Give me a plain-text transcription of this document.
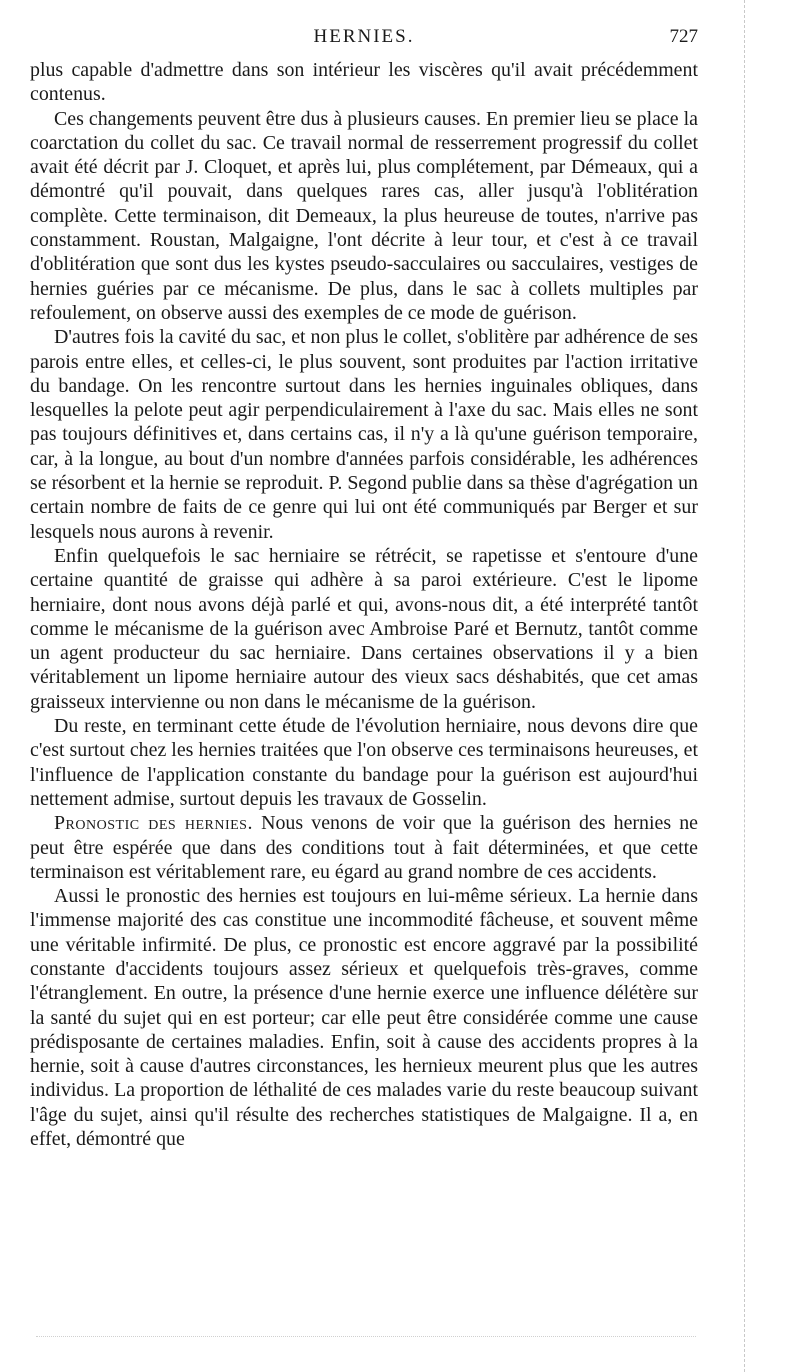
HERNIES.	727

plus capable d'admettre dans son intérieur les viscères qu'il avait précédemment contenus.

Ces changements peuvent être dus à plusieurs causes. En premier lieu se place la coarctation du collet du sac. Ce travail normal de resserrement progressif du collet avait été décrit par J. Cloquet, et après lui, plus complétement, par Démeaux, qui a démontré qu'il pouvait, dans quelques rares cas, aller jusqu'à l'oblitération complète. Cette terminaison, dit Demeaux, la plus heureuse de toutes, n'arrive pas constamment. Roustan, Malgaigne, l'ont décrite à leur tour, et c'est à ce travail d'oblitération que sont dus les kystes pseudo-sacculaires ou sacculaires, vestiges de hernies guéries par ce mécanisme. De plus, dans le sac à collets multiples par refoulement, on observe aussi des exemples de ce mode de guérison.

D'autres fois la cavité du sac, et non plus le collet, s'oblitère par adhérence de ses parois entre elles, et celles-ci, le plus souvent, sont produites par l'action irritative du bandage. On les rencontre surtout dans les hernies inguinales obliques, dans lesquelles la pelote peut agir perpendiculairement à l'axe du sac. Mais elles ne sont pas toujours définitives et, dans certains cas, il n'y a là qu'une guérison temporaire, car, à la longue, au bout d'un nombre d'années parfois considérable, les adhérences se résorbent et la hernie se reproduit. P. Segond publie dans sa thèse d'agrégation un certain nombre de faits de ce genre qui lui ont été communiqués par Berger et sur lesquels nous aurons à revenir.

Enfin quelquefois le sac herniaire se rétrécit, se rapetisse et s'entoure d'une certaine quantité de graisse qui adhère à sa paroi extérieure. C'est le lipome herniaire, dont nous avons déjà parlé et qui, avons-nous dit, a été interprété tantôt comme le mécanisme de la guérison avec Ambroise Paré et Bernutz, tantôt comme un agent producteur du sac herniaire. Dans certaines observations il y a bien véritablement un lipome herniaire autour des vieux sacs déshabités, que cet amas graisseux intervienne ou non dans le mécanisme de la guérison.

Du reste, en terminant cette étude de l'évolution herniaire, nous devons dire que c'est surtout chez les hernies traitées que l'on observe ces terminaisons heureuses, et l'influence de l'application constante du bandage pour la guérison est aujourd'hui nettement admise, surtout depuis les travaux de Gosselin.

Pronostic des hernies. Nous venons de voir que la guérison des hernies ne peut être espérée que dans des conditions tout à fait déterminées, et que cette terminaison est véritablement rare, eu égard au grand nombre de ces accidents.

Aussi le pronostic des hernies est toujours en lui-même sérieux. La hernie dans l'immense majorité des cas constitue une incommodité fâcheuse, et souvent même une véritable infirmité. De plus, ce pronostic est encore aggravé par la possibilité constante d'accidents toujours assez sérieux et quelquefois très-graves, comme l'étranglement. En outre, la présence d'une hernie exerce une influence délétère sur la santé du sujet qui en est porteur; car elle peut être considérée comme une cause prédisposante de certaines maladies. Enfin, soit à cause des accidents propres à la hernie, soit à cause d'autres circonstances, les hernieux meurent plus que les autres individus. La proportion de léthalité de ces malades varie du reste beaucoup suivant l'âge du sujet, ainsi qu'il résulte des recherches statistiques de Malgaigne. Il a, en effet, démontré que
